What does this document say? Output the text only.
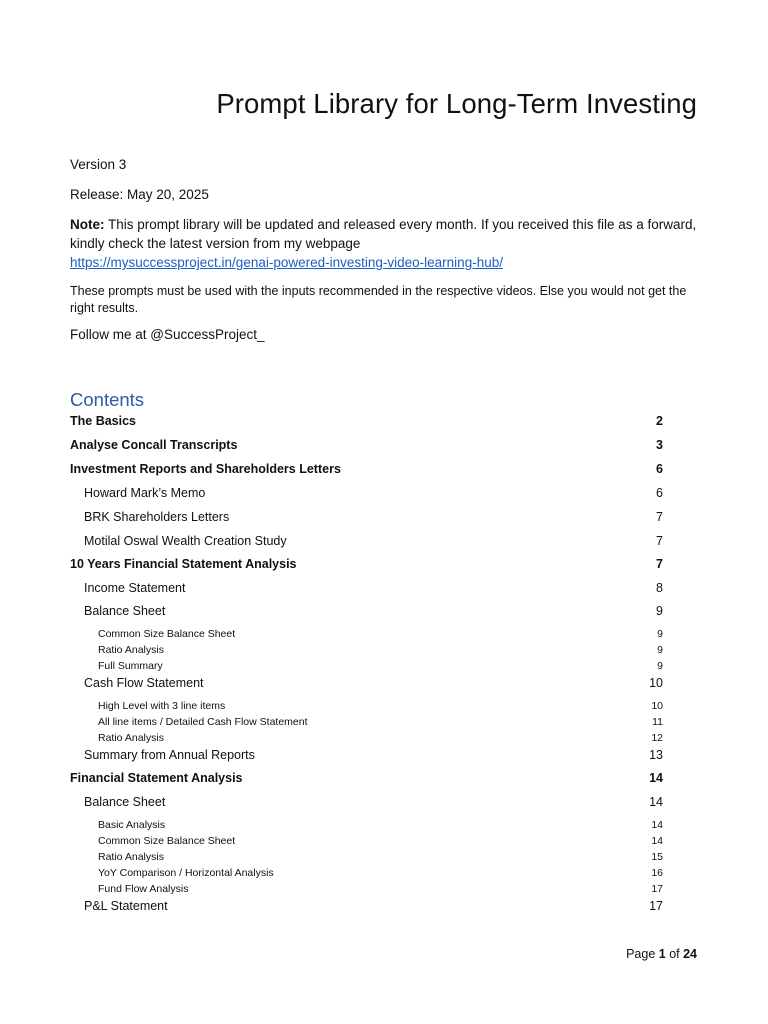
Prompt Library for Long-Term Investing
Version 3
Release: May 20, 2025
Note: This prompt library will be updated and released every month. If you received this file as a forward, kindly check the latest version from my webpage
https://mysuccessproject.in/genai-powered-investing-video-learning-hub/
These prompts must be used with the inputs recommended in the respective videos. Else you would not get the right results.
Follow me at @SuccessProject_
Contents
The Basics	2
Analyse Concall Transcripts	3
Investment Reports and Shareholders Letters	6
Howard Mark’s Memo	6
BRK Shareholders Letters	7
Motilal Oswal Wealth Creation Study	7
10 Years Financial Statement Analysis	7
Income Statement	8
Balance Sheet	9
Common Size Balance Sheet	9
Ratio Analysis	9
Full Summary	9
Cash Flow Statement	10
High Level with 3 line items	10
All line items / Detailed Cash Flow Statement	11
Ratio Analysis	12
Summary from Annual Reports	13
Financial Statement Analysis	14
Balance Sheet	14
Basic Analysis	14
Common Size Balance Sheet	14
Ratio Analysis	15
YoY Comparison / Horizontal Analysis	16
Fund Flow Analysis	17
P&L Statement	17
Page 1 of 24
